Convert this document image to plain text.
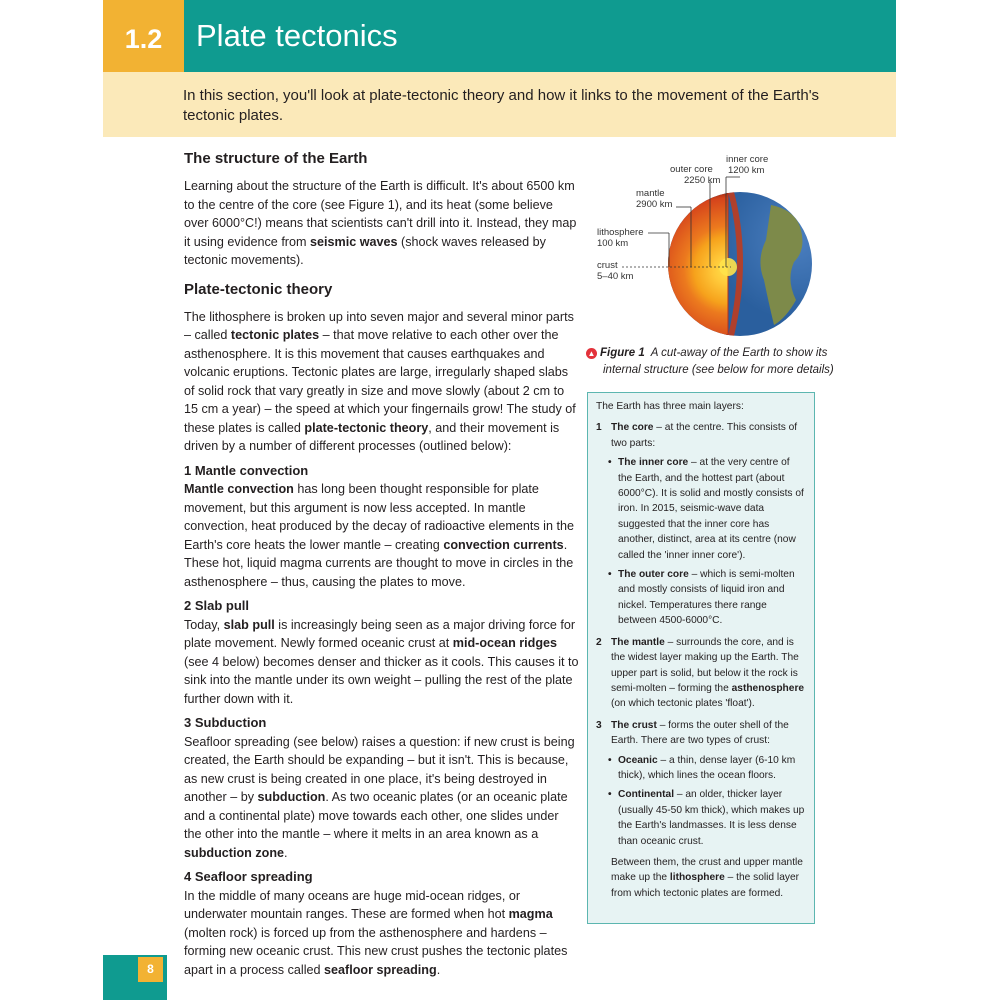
1.2	Plate tectonics

In this section, you'll look at plate-tectonic theory and how it links to the movement of the Earth's tectonic plates.

The structure of the Earth

Learning about the structure of the Earth is difficult. It's about 6500 km to the centre of the core (see Figure 1), and its heat (some believe over 6000°C!) means that scientists can't drill into it. Instead, they map it using evidence from seismic waves (shock waves released by tectonic movements).

Plate-tectonic theory

The lithosphere is broken up into seven major and several minor parts – called tectonic plates – that move relative to each other over the asthenosphere. It is this movement that causes earthquakes and volcanic eruptions. Tectonic plates are large, irregularly shaped slabs of solid rock that vary greatly in size and move slowly (about 2 cm to 15 cm a year) – the speed at which your fingernails grow! The study of these plates is called plate-tectonic theory, and their movement is driven by a number of different processes (outlined below):

1 Mantle convection

Mantle convection has long been thought responsible for plate movement, but this argument is now less accepted. In mantle convection, heat produced by the decay of radioactive elements in the Earth's core heats the lower mantle – creating convection currents. These hot, liquid magma currents are thought to move in circles in the asthenosphere – thus, causing the plates to move.

2 Slab pull

Today, slab pull is increasingly being seen as a major driving force for plate movement. Newly formed oceanic crust at mid-ocean ridges (see 4 below) becomes denser and thicker as it cools. This causes it to sink into the mantle under its own weight – pulling the rest of the plate further down with it.

3 Subduction

Seafloor spreading (see below) raises a question: if new crust is being created, the Earth should be expanding – but it isn't. This is because, as new crust is being created in one place, it's being destroyed in another – by subduction. As two oceanic plates (or an oceanic plate and a continental plate) move towards each other, one slides under the other into the mantle – where it melts in an area known as a subduction zone.

4 Seafloor spreading

In the middle of many oceans are huge mid-ocean ridges, or underwater mountain ranges. These are formed when hot magma (molten rock) is forced up from the asthenosphere and hardens – forming new oceanic crust. This new crust pushes the tectonic plates apart in a process called seafloor spreading.

inner core
1200 km
outer core
2250 km
mantle
2900 km
lithosphere
100 km
crust
5–40 km
▲ Figure 1 A cut-away of the Earth to show its
internal structure (see below for more details)

The Earth has three main layers:

1 The core – at the centre. This consists of two parts:
• The inner core – at the very centre of the Earth, and the hottest part (about 6000°C). It is solid and mostly consists of iron. In 2015, seismic-wave data suggested that the inner core has another, distinct, area at its centre (now called the 'inner inner core').
• The outer core – which is semi-molten and mostly consists of liquid iron and nickel. Temperatures there range between 4500-6000°C.
2 The mantle – surrounds the core, and is the widest layer making up the Earth. The upper part is solid, but below it the rock is semi-molten – forming the asthenosphere (on which tectonic plates 'float').
3 The crust – forms the outer shell of the Earth. There are two types of crust:
• Oceanic – a thin, dense layer (6-10 km thick), which lines the ocean floors.
• Continental – an older, thicker layer (usually 45-50 km thick), which makes up the Earth's landmasses. It is less dense than oceanic crust.
Between them, the crust and upper mantle make up the lithosphere – the solid layer from which tectonic plates are formed.
8
